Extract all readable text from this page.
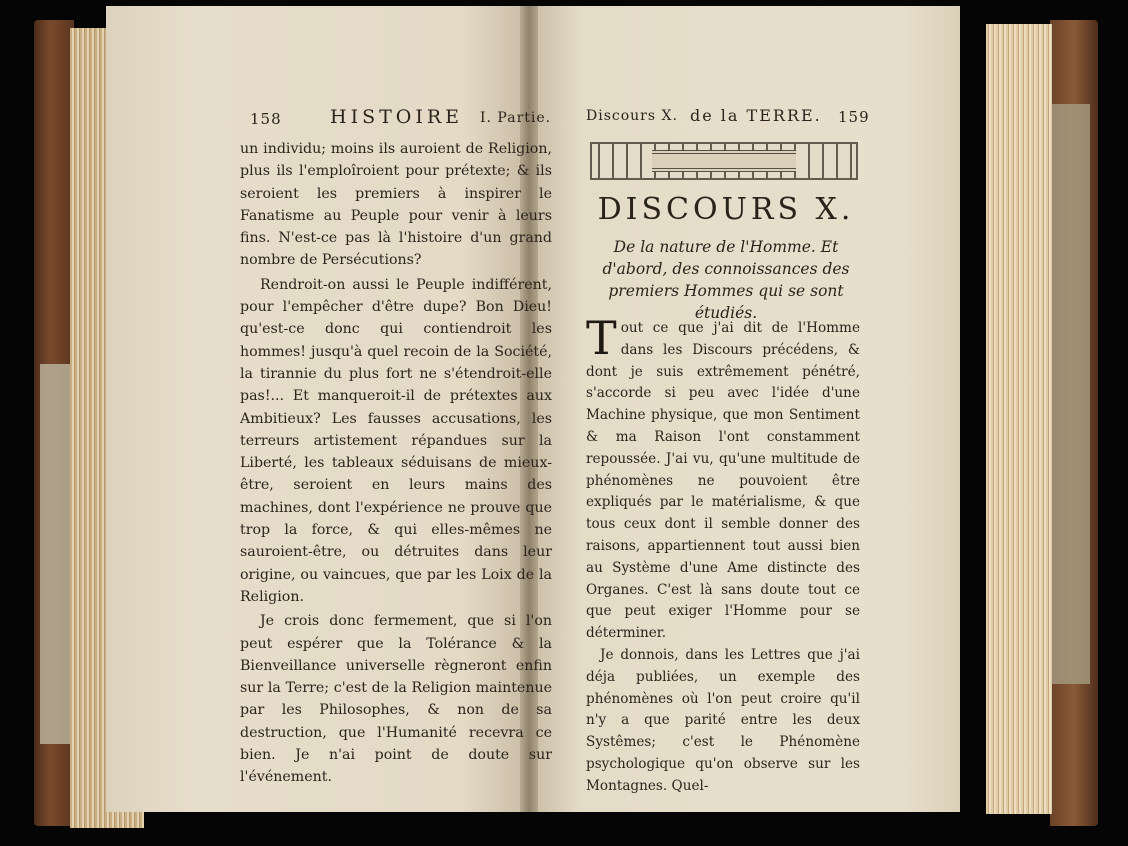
158	HISTOIRE I. Partie.

un individu; moins ils auroient de Religion, plus ils l'emploîroient pour prétexte; & ils seroient les premiers à inspirer le Fanatisme au Peuple pour venir à leurs fins. N'est-ce pas là l'histoire d'un grand nombre de Persécutions?

Rendroit-on aussi le Peuple indifférent, pour l'empêcher d'être dupe? Bon Dieu! qu'est-ce donc qui contiendroit les hommes! jusqu'à quel recoin de la Société, la tirannie du plus fort ne s'étendroit-elle pas!... Et manqueroit-il de prétextes aux Ambitieux? Les fausses accusations, les terreurs artistement répandues sur la Liberté, les tableaux séduisans de mieux-être, seroient en leurs mains des machines, dont l'expérience ne prouve que trop la force, & qui elles-mêmes ne sauroient-être, ou détruites dans leur origine, ou vaincues, que par les Loix de la Religion.

Je crois donc fermement, que si l'on peut espérer que la Tolérance & la Bienveillance universelle règneront enfin sur la Terre; c'est de la Religion maintenue par les Philosophes, & non de sa destruction, que l'Humanité recevra ce bien. Je n'ai point de doute sur l'événement.

Discours X. de la TERRE. 159
DISCOURS X.
De la nature de l'Homme. Et d'abord, des connoissances des premiers Hommes qui se sont étudiés.

T out ce que j'ai dit de l'Homme dans les Discours précédens, & dont je suis extrêmement pénétré, s'accorde si peu avec l'idée d'une Machine physique, que mon Sentiment & ma Raison l'ont constamment repoussée. J'ai vu, qu'une multitude de phénomènes ne pouvoient être expliqués par le matérialisme, & que tous ceux dont il semble donner des raisons, appartiennent tout aussi bien au Système d'une Ame distincte des Organes. C'est là sans doute tout ce que peut exiger l'Homme pour se déterminer.

Je donnois, dans les Lettres que j'ai déja publiées, un exemple des phénomènes où l'on peut croire qu'il n'y a que parité entre les deux Systêmes; c'est le Phénomène psychologique qu'on observe sur les Montagnes. Quel-
